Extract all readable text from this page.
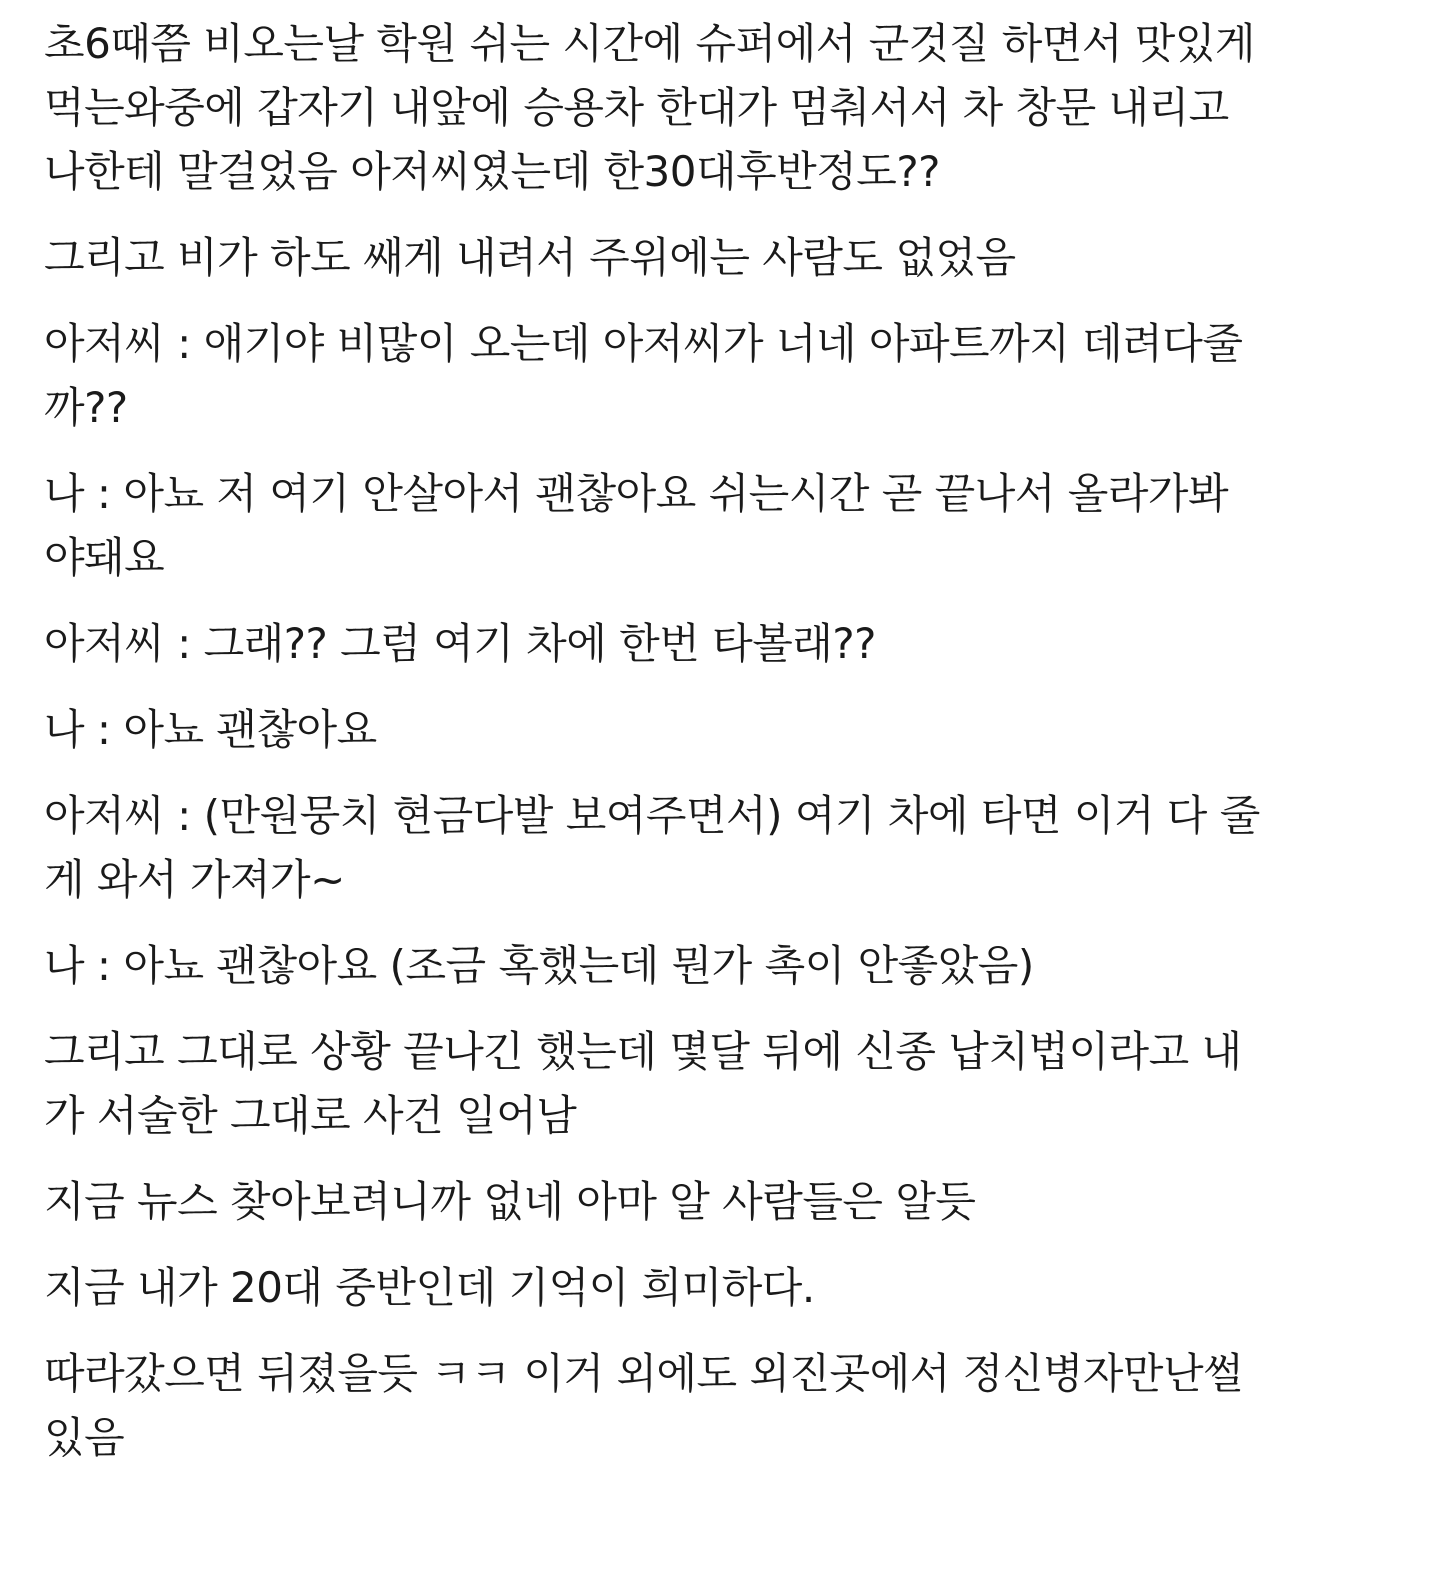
초6때쯤 비오는날 학원 쉬는 시간에 슈퍼에서 군것질 하면서 맛있게
먹는와중에 갑자기 내앞에 승용차 한대가 멈춰서서 차 창문 내리고
나한테 말걸었음 아저씨였는데 한30대후반정도??

그리고 비가 하도 쌔게 내려서 주위에는 사람도 없었음

아저씨 : 애기야 비많이 오는데 아저씨가 너네 아파트까지 데려다줄
까??

나 : 아뇨 저 여기 안살아서 괜찮아요 쉬는시간 곧 끝나서 올라가봐
야돼요

아저씨 : 그래?? 그럼 여기 차에 한번 타볼래??

나 : 아뇨 괜찮아요

아저씨 : (만원뭉치 현금다발 보여주면서) 여기 차에 타면 이거 다 줄
게 와서 가져가~

나 : 아뇨 괜찮아요 (조금 혹했는데 뭔가 촉이 안좋았음)

그리고 그대로 상황 끝나긴 했는데 몇달 뒤에 신종 납치법이라고 내
가 서술한 그대로 사건 일어남

지금 뉴스 찾아보려니까 없네 아마 알 사람들은 알듯

지금 내가 20대 중반인데 기억이 희미하다.

따라갔으면 뒤졌을듯 ㅋㅋ 이거 외에도 외진곳에서 정신병자만난썰
있음
